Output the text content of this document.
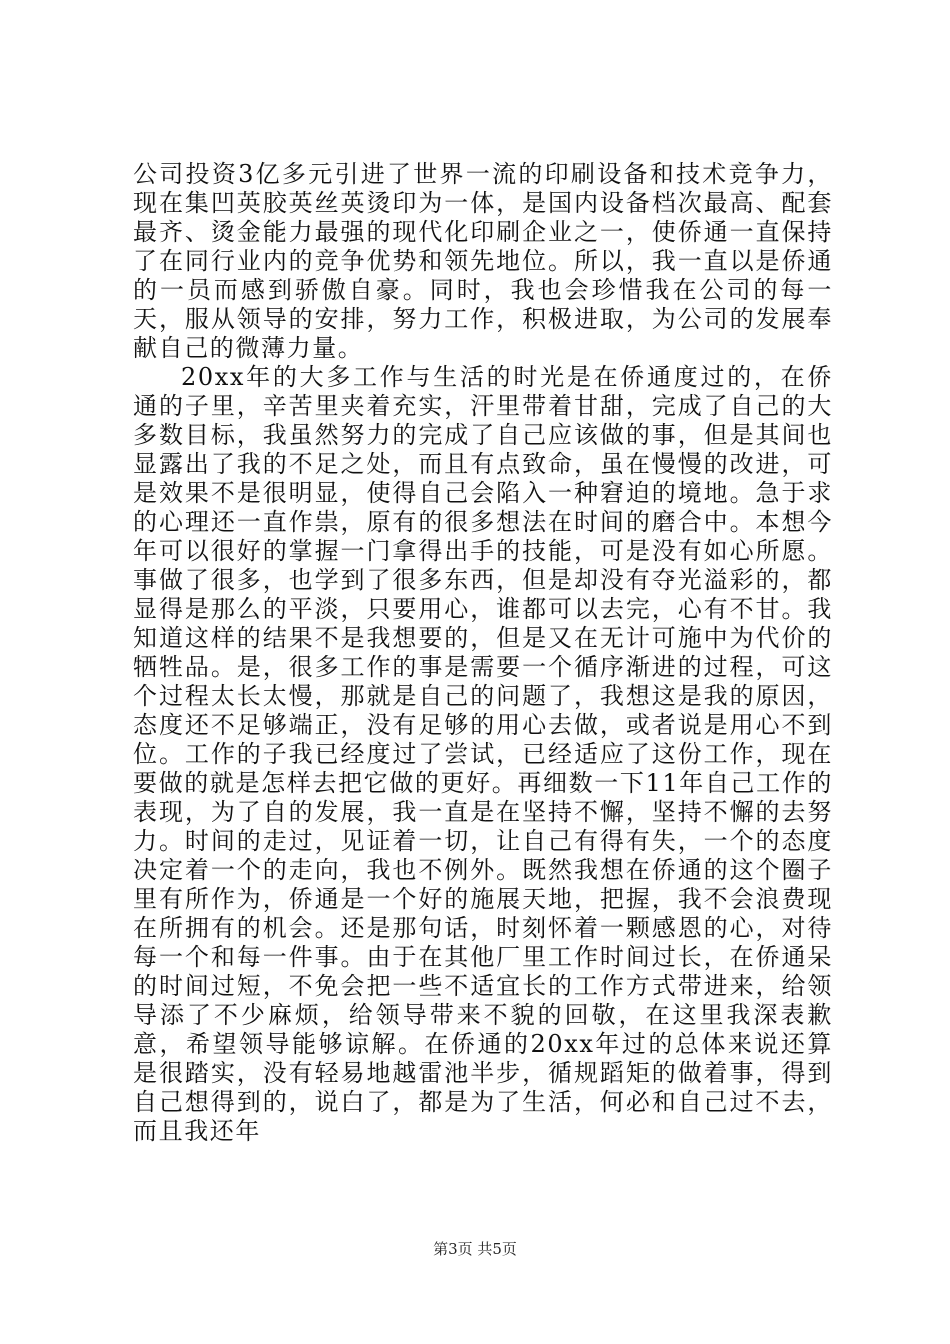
公司投资3亿多元引进了世界一流的印刷设备和技术竞争力，现在集凹英胶英丝英烫印为一体，是国内设备档次最高、配套最齐、烫金能力最强的现代化印刷企业之一，使侨通一直保持了在同行业内的竞争优势和领先地位。所以，我一直以是侨通的一员而感到骄傲自豪。同时，我也会珍惜我在公司的每一天，服从领导的安排，努力工作，积极进取，为公司的发展奉献自己的微薄力量。

20xx年的大多工作与生活的时光是在侨通度过的，在侨通的子里，辛苦里夹着充实，汗里带着甘甜，完成了自己的大多数目标，我虽然努力的完成了自己应该做的事，但是其间也显露出了我的不足之处，而且有点致命，虽在慢慢的改进，可是效果不是很明显，使得自己会陷入一种窘迫的境地。急于求的心理还一直作祟，原有的很多想法在时间的磨合中。本想今年可以很好的掌握一门拿得出手的技能，可是没有如心所愿。事做了很多，也学到了很多东西，但是却没有夺光溢彩的，都显得是那么的平淡，只要用心，谁都可以去完，心有不甘。我知道这样的结果不是我想要的，但是又在无计可施中为代价的牺牲品。是，很多工作的事是需要一个循序渐进的过程，可这个过程太长太慢，那就是自己的问题了，我想这是我的原因，态度还不足够端正，没有足够的用心去做，或者说是用心不到位。工作的子我已经度过了尝试，已经适应了这份工作，现在要做的就是怎样去把它做的更好。再细数一下11年自己工作的表现，为了自的发展，我一直是在坚持不懈，坚持不懈的去努力。时间的走过，见证着一切，让自己有得有失，一个的态度决定着一个的走向，我也不例外。既然我想在侨通的这个圈子里有所作为，侨通是一个好的施展天地，把握，我不会浪费现在所拥有的机会。还是那句话，时刻怀着一颗感恩的心，对待每一个和每一件事。由于在其他厂里工作时间过长，在侨通呆的时间过短，不免会把一些不适宜长的工作方式带进来，给领导添了不少麻烦，给领导带来不貌的回敬，在这里我深表歉意，希望领导能够谅解。在侨通的20xx年过的总体来说还算是很踏实，没有轻易地越雷池半步，循规蹈矩的做着事，得到自己想得到的，说白了，都是为了生活，何必和自己过不去，而且我还年

第3页 共5页
